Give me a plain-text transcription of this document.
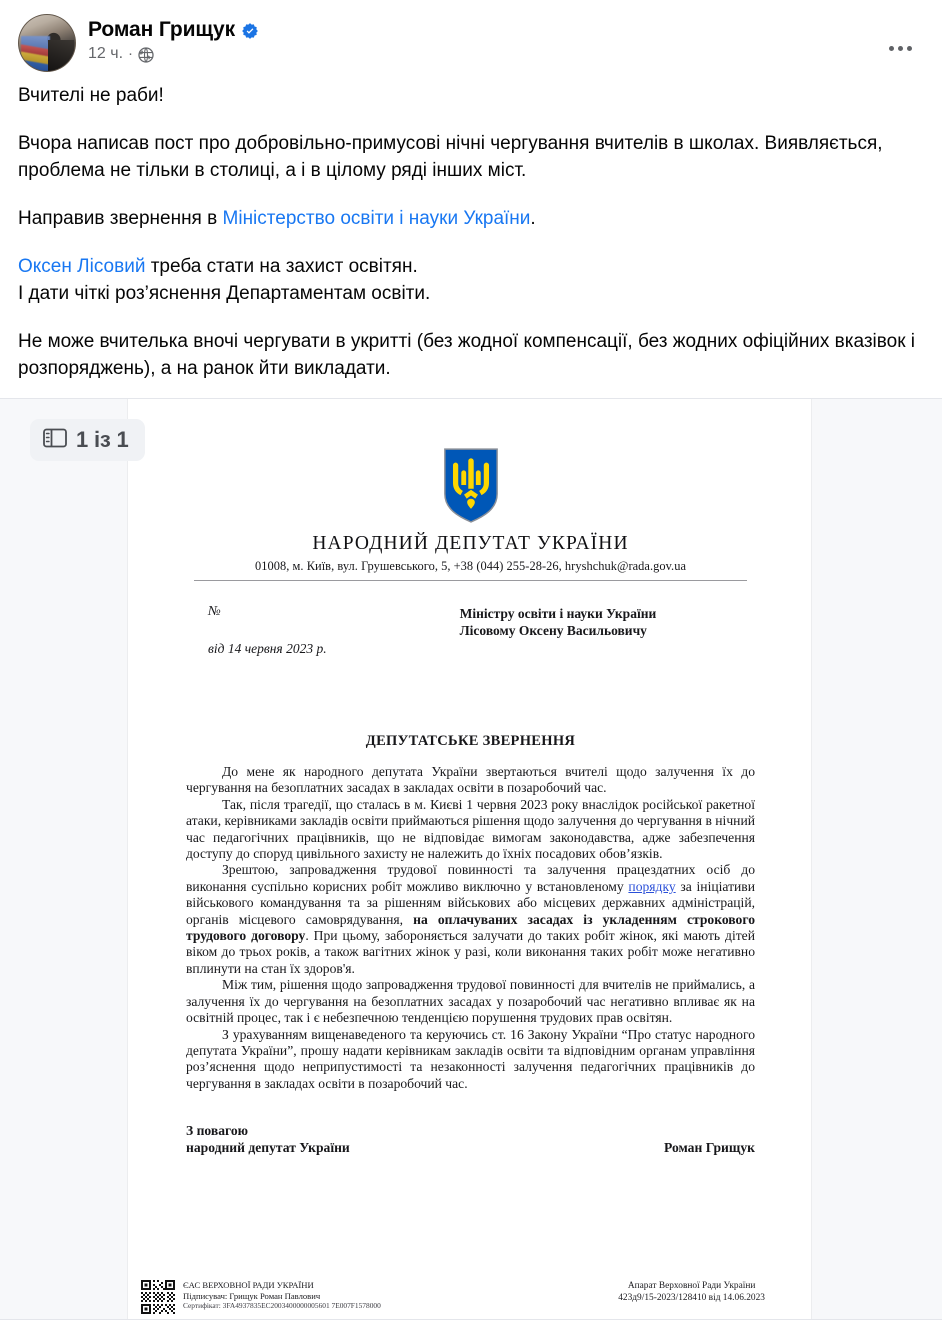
Роман Грищук
12 ч. ·

Вчителі не раби!

Вчора написав пост про добровільно-примусові нічні чергування вчителів в школах. Виявляється, проблема не тільки в столиці, а і в цілому ряді інших міст.

Направив звернення в Міністерство освіти і науки України.

Оксен Лісовий треба стати на захист освітян.
І дати чіткі роз’яснення Департаментам освіти.

Не може вчителька вночі чергувати в укритті (без жодної компенсації, без жодних офіційних вказівок і розпоряджень), а на ранок йти викладати.

НАРОДНИЙ ДЕПУТАТ УКРАЇНИ
01008, м. Київ, вул. Грушевського, 5, +38 (044) 255-28-26, hryshchuk@rada.gov.ua
№
від 14 червня 2023 р.
Міністру освіти і науки України
Лісовому Оксену Васильовичу
ДЕПУТАТСЬКЕ ЗВЕРНЕННЯ

До мене як народного депутата України звертаються вчителі щодо залучення їх до чергування на безоплатних засадах в закладах освіти в позаробочий час.

Так, після трагедії, що сталась в м. Києві 1 червня 2023 року внаслідок російської ракетної атаки, керівниками закладів освіти приймаються рішення щодо залучення до чергування в нічний час педагогічних працівників, що не відповідає вимогам законодавства, адже забезпечення доступу до споруд цивільного захисту не належить до їхніх посадових обов’язків.

Зрештою, запровадження трудової повинності та залучення працездатних осіб до виконання суспільно корисних робіт можливо виключно у встановленому порядку за ініціативи військового командування та за рішенням військових або місцевих державних адміністрацій, органів місцевого самоврядування, на оплачуваних засадах із укладенням строкового трудового договору. При цьому, забороняється залучати до таких робіт жінок, які мають дітей віком до трьох років, а також вагітних жінок у разі, коли виконання таких робіт може негативно вплинути на стан їх здоров'я.

Між тим, рішення щодо запровадження трудової повинності для вчителів не приймались, а залучення їх до чергування на безоплатних засадах у позаробочий час негативно впливає як на освітній процес, так і є небезпечною тенденцією порушення трудових прав освітян.

З урахуванням вищенаведеного та керуючись ст. 16 Закону України “Про статус народного депутата України”, прошу надати керівникам закладів освіти та відповідним органам управління роз’яснення щодо неприпустимості та незаконності залучення педагогічних працівників до чергування в закладах освіти в позаробочий час.

З повагою
народний депутат України	Роман Грищук
ЄАС ВЕРХОВНОЇ РАДИ УКРАЇНИ
Підписувач: Грищук Роман Павлович
Сертифікат: 3FA4937835EC2003400000005601 7E007F1578000
Апарат Верховної Ради України
423д9/15-2023/128410 від 14.06.2023
1 із 1
